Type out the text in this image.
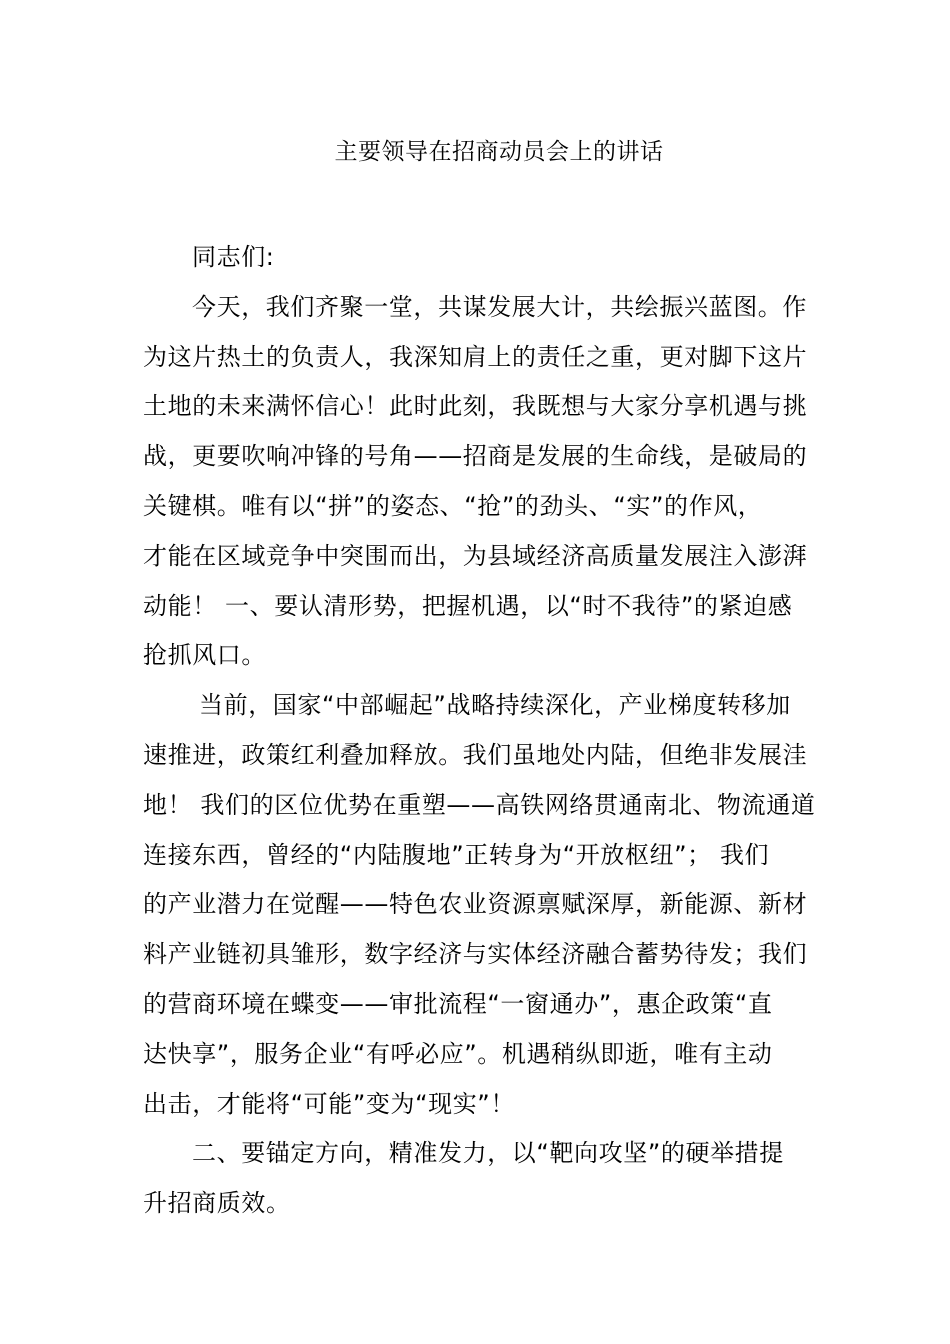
主要领导在招商动员会上的讲话
同志们:
今天，我们齐聚一堂，共谋发展大计，共绘振兴蓝图。作
为这片热土的负责人，我深知肩上的责任之重，更对脚下这片
土地的未来满怀信心！此时此刻，我既想与大家分享机遇与挑
战，更要吹响冲锋的号角——招商是发展的生命线，是破局的
关键棋。唯有以“拼”的姿态、“抢”的劲头、“实”的作风，
才能在区域竞争中突围而出，为县域经济高质量发展注入澎湃
动能！ 一、要认清形势，把握机遇，以“时不我待”的紧迫感
抢抓风口。
当前，国家“中部崛起”战略持续深化，产业梯度转移加
速推进，政策红利叠加释放。我们虽地处内陆，但绝非发展洼
地！ 我们的区位优势在重塑——高铁网络贯通南北、物流通道
连接东西，曾经的“内陆腹地”正转身为“开放枢纽”； 我们
的产业潜力在觉醒——特色农业资源禀赋深厚，新能源、新材
料产业链初具雏形，数字经济与实体经济融合蓄势待发；我们
的营商环境在蝶变——审批流程“一窗通办”，惠企政策“直
达快享”，服务企业“有呼必应”。机遇稍纵即逝，唯有主动
出击，才能将“可能”变为“现实”！
二、要锚定方向，精准发力，以“靶向攻坚”的硬举措提
升招商质效。
